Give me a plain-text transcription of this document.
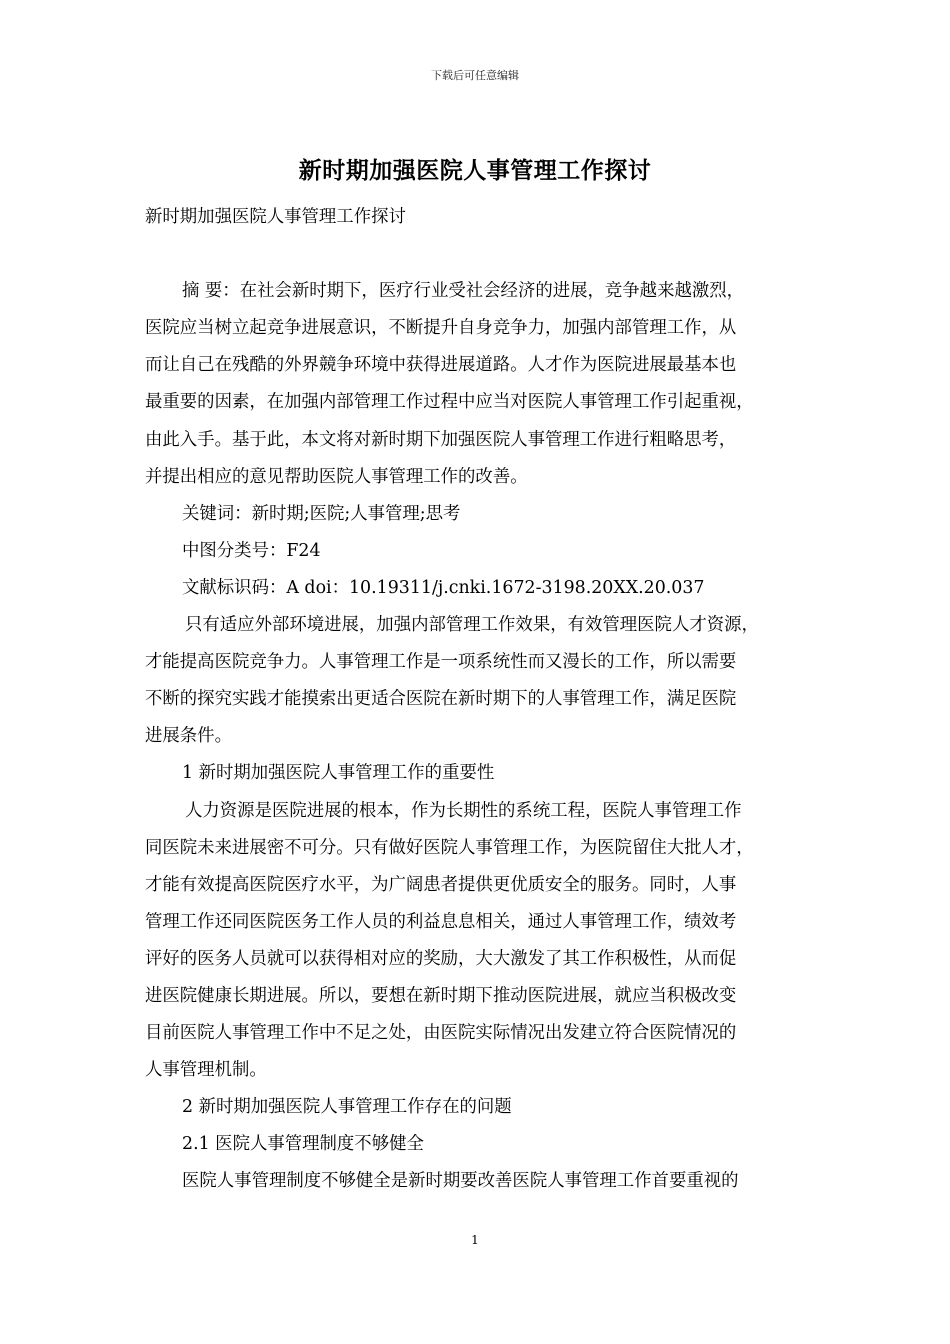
下载后可任意编辑
新时期加强医院人事管理工作探讨
新时期加强医院人事管理工作探讨
摘 要：在社会新时期下，医疗行业受社会经济的进展，竞争越来越激烈，
医院应当树立起竞争进展意识，不断提升自身竞争力，加强内部管理工作，从
而让自己在残酷的外界競争环境中获得进展道路。人才作为医院进展最基本也
最重要的因素，在加强内部管理工作过程中应当对医院人事管理工作引起重视，
由此入手。基于此，本文将对新时期下加强医院人事管理工作进行粗略思考，
并提出相应的意见帮助医院人事管理工作的改善。
关键词：新时期;医院;人事管理;思考
中图分类号：F24
文献标识码：A doi：10.19311/j.cnki.1672-3198.20XX.20.037
只有适应外部环境进展，加强内部管理工作效果，有效管理医院人才资源，
才能提高医院竞争力。人事管理工作是一项系统性而又漫长的工作，所以需要
不断的探究实践才能摸索出更适合医院在新时期下的人事管理工作，满足医院
进展条件。
1 新时期加强医院人事管理工作的重要性
人力资源是医院进展的根本，作为长期性的系统工程，医院人事管理工作
同医院未来进展密不可分。只有做好医院人事管理工作，为医院留住大批人才，
才能有效提高医院医疗水平，为广阔患者提供更优质安全的服务。同时，人事
管理工作还同医院医务工作人员的利益息息相关，通过人事管理工作，绩效考
评好的医务人员就可以获得相对应的奖励，大大激发了其工作积极性，从而促
进医院健康长期进展。所以，要想在新时期下推动医院进展，就应当积极改变
目前医院人事管理工作中不足之处，由医院实际情况出发建立符合医院情况的
人事管理机制。
2 新时期加强医院人事管理工作存在的问题
2.1 医院人事管理制度不够健全
医院人事管理制度不够健全是新时期要改善医院人事管理工作首要重视的
1
